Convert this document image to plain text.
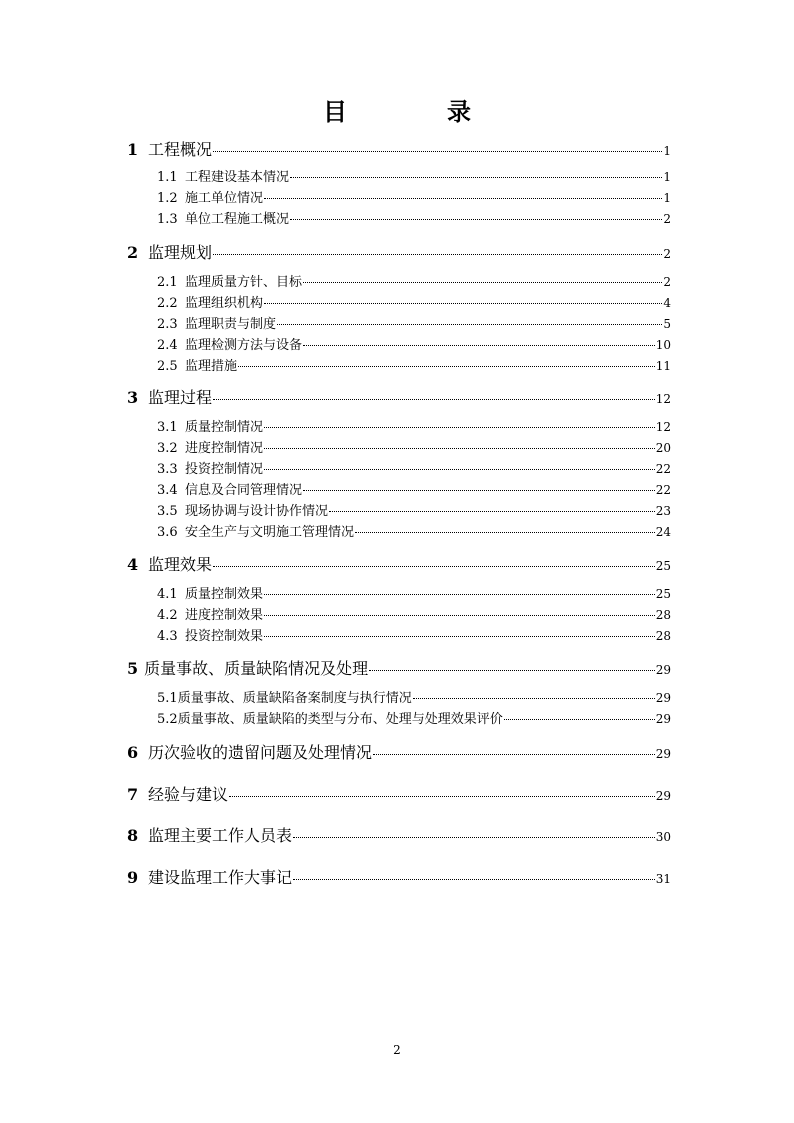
目　录
1 工程概况	1
1.1 工程建设基本情况	1
1.2 施工单位情况	1
1.3 单位工程施工概况	2
2 监理规划	2
2.1 监理质量方针、目标	2
2.2 监理组织机构	4
2.3 监理职责与制度	5
2.4 监理检测方法与设备	10
2.5 监理措施	11
3 监理过程	12
3.1 质量控制情况	12
3.2 进度控制情况	20
3.3 投资控制情况	22
3.4 信息及合同管理情况	22
3.5 现场协调与设计协作情况	23
3.6 安全生产与文明施工管理情况	24
4 监理效果	25
4.1 质量控制效果	25
4.2 进度控制效果	28
4.3 投资控制效果	28
5 质量事故、质量缺陷情况及处理	29
5.1 质量事故、质量缺陷备案制度与执行情况	29
5.2 质量事故、质量缺陷的类型与分布、处理与处理效果评价	29
6 历次验收的遗留问题及处理情况	29
7 经验与建议	29
8 监理主要工作人员表	30
9 建设监理工作大事记	31
2
